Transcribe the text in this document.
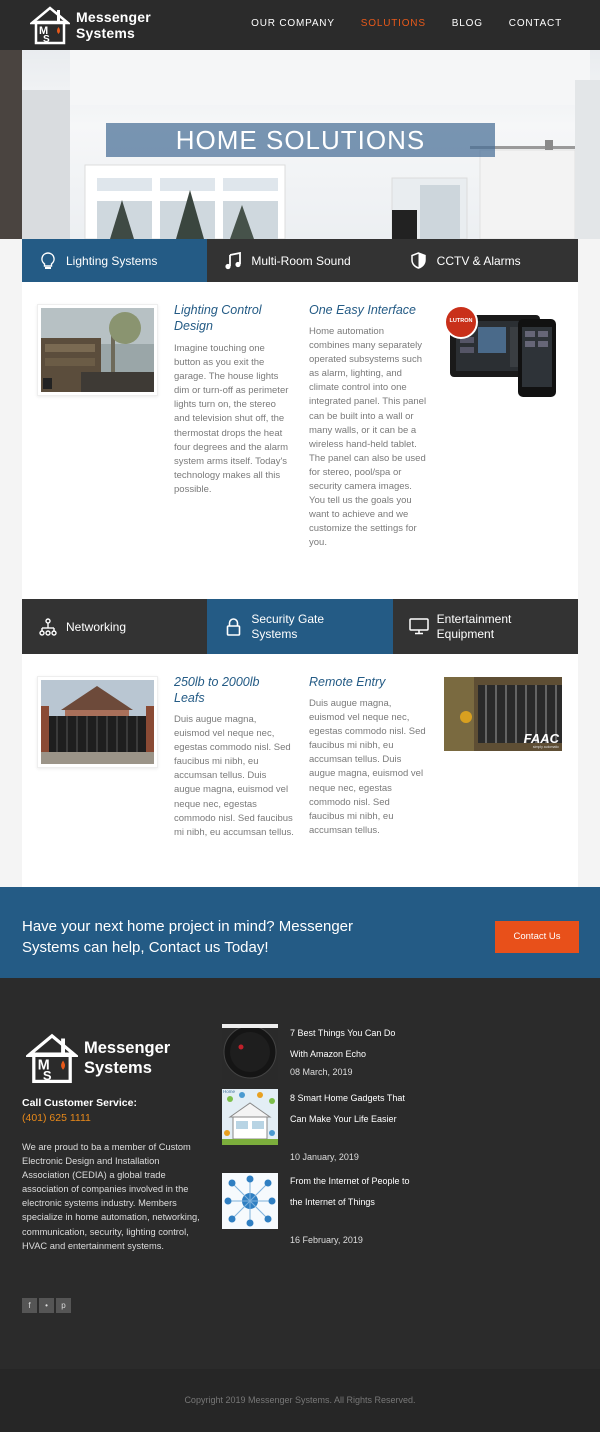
M
S
Messenger
Systems
OUR COMPANY	SOLUTIONS	BLOG	CONTACT
HOME SOLUTIONS
Lighting Systems	Multi-Room Sound	CCTV & Alarms
Lighting Control Design
Imagine touching one button as you exit the garage. The house lights dim or turn-off as perimeter lights turn on, the stereo and television shut off, the thermostat drops the heat four degrees and the alarm system arms itself. Today's technology makes all this possible.
One Easy Interface
Home automation combines many separately operated subsystems such as alarm, lighting, and climate control into one integrated panel. This panel can be built into a wall or many walls, or it can be a wireless hand-held tablet. The panel can also be used for stereo, pool/spa or security camera images. You tell us the goals you want to achieve and we customize the settings for you.
LUTRON
Networking
Security Gate Systems
Entertainment Equipment
250lb to 2000lb Leafs
Duis augue magna, euismod vel neque nec, egestas commodo nisl. Sed faucibus mi nibh, eu accumsan tellus. Duis augue magna, euismod vel neque nec, egestas commodo nisl. Sed faucibus mi nibh, eu accumsan tellus.
Remote Entry
Duis augue magna, euismod vel neque nec, egestas commodo nisl. Sed faucibus mi nibh, eu accumsan tellus. Duis augue magna, euismod vel neque nec, egestas commodo nisl. Sed faucibus mi nibh, eu accumsan tellus.
FAAC
simply automatic
Have your next home project in mind? Messenger Systems can help, Contact us Today!
Contact Us
M
S
Messenger
Systems
Call Customer Service:
(401) 625 1111
We are proud to ba a member of Custom Electronic Design and Installation Association (CEDIA) a global trade association of companies involved in the electronic systems industry. Members specialize in home automation, networking, communication, security, lighting control, HVAC and entertainment systems.
f	•	p
7 Best Things You Can Do With Amazon Echo
08 March, 2019
Home
8 Smart Home Gadgets That Can Make Your Life Easier
10 January, 2019
From the Internet of People to the Internet of Things
16 February, 2019
Copyright 2019 Messenger Systems. All Rights Reserved.
